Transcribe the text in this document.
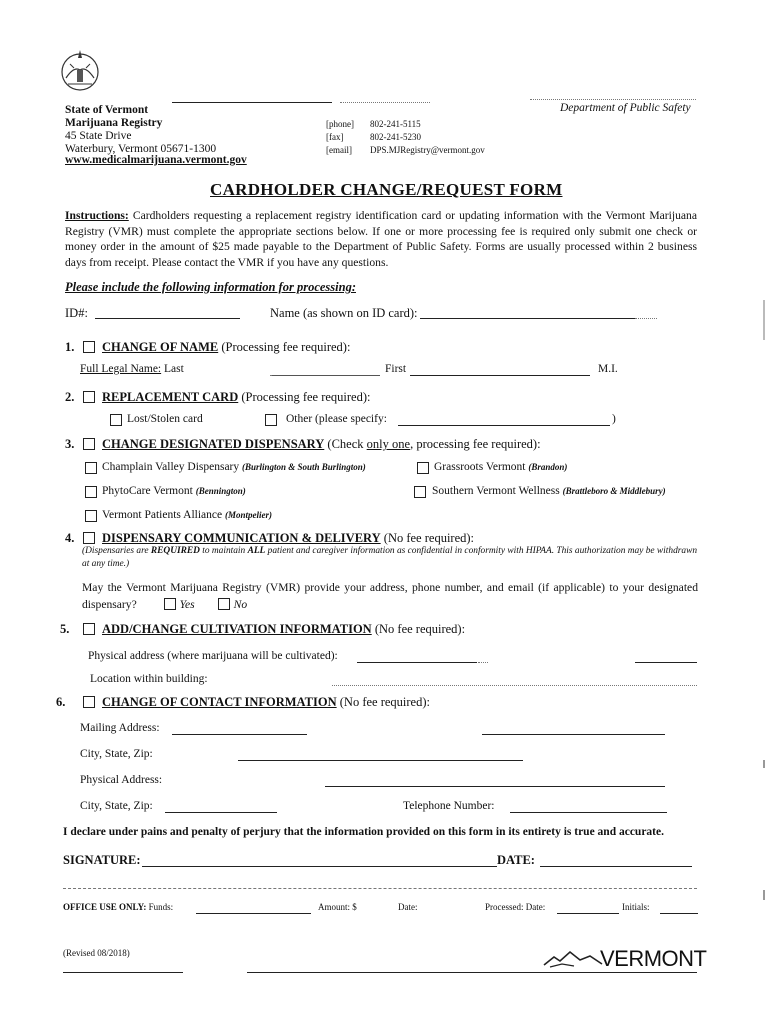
State of Vermont
Marijuana Registry
45 State Drive
Waterbury, Vermont 05671-1300
www.medicalmarijuana.vermont.gov
[phone] 802-241-5115
[fax]	802-241-5230
[email] DPS.MJRegistry@vermont.gov
Department of Public Safety
CARDHOLDER CHANGE/REQUEST FORM
Instructions: Cardholders requesting a replacement registry identification card or updating information with the Vermont Marijuana Registry (VMR) must complete the appropriate sections below. If one or more processing fee is required only submit one check or money order in the amount of $25 made payable to the Department of Public Safety. Forms are usually processed within 2 business days from receipt. Please contact the VMR if you have any questions.
Please include the following information for processing:
ID#:	Name (as shown on ID card):
1. CHANGE OF NAME (Processing fee required):
Full Legal Name: Last	First	M.I.
2. REPLACEMENT CARD (Processing fee required):
Lost/Stolen card	Other (please specify:	)
3. CHANGE DESIGNATED DISPENSARY (Check only one, processing fee required):
Champlain Valley Dispensary (Burlington & South Burlington)	Grassroots Vermont (Brandon)
PhytoCare Vermont (Bennington)	Southern Vermont Wellness (Brattleboro & Middlebury)
Vermont Patients Alliance (Montpelier)
4. DISPENSARY COMMUNICATION & DELIVERY (No fee required):
(Dispensaries are REQUIRED to maintain ALL patient and caregiver information as confidential in conformity with HIPAA. This authorization may be withdrawn at any time.)
May the Vermont Marijuana Registry (VMR) provide your address, phone number, and email (if applicable) to your designated dispensary?	Yes	No
5.	ADD/CHANGE CULTIVATION INFORMATION (No fee required):
Physical address (where marijuana will be cultivated):
Location within building:
6.	CHANGE OF CONTACT INFORMATION (No fee required):
Mailing Address:
City, State, Zip:
Physical Address:
City, State, Zip:	Telephone Number:
I declare under pains and penalty of perjury that the information provided on this form in its entirety is true and accurate.
SIGNATURE:	DATE:
OFFICE USE ONLY: Funds:	Amount: $	Date:	Processed: Date:	Initials:
(Revised 08/2018)	VERMONT
